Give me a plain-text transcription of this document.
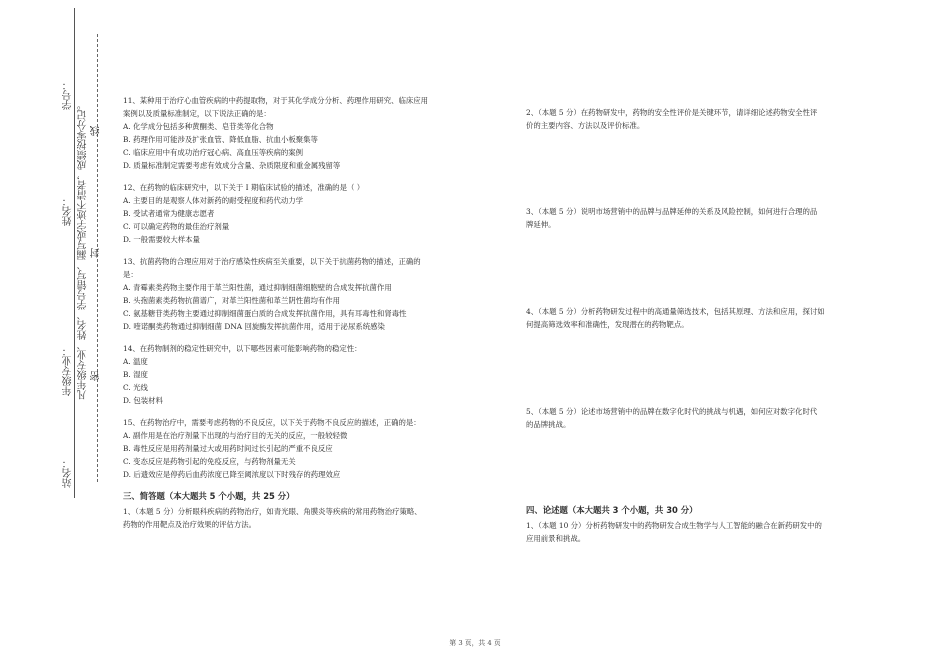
学号：
姓名：
年级专业：
站名：
凡年级专业、姓名、学号错写、漏写或字迹不清者，成绩按零分记。 线
封
密
11、某种用于治疗心血管疾病的中药提取物，对于其化学成分分析、药理作用研究、临床应用
案例以及质量标准制定，以下说法正确的是：
A. 化学成分包括多种黄酮类、皂苷类等化合物
B. 药理作用可能涉及扩张血管、降低血脂、抗血小板聚集等
C. 临床应用中有成功治疗冠心病、高血压等疾病的案例
D. 质量标准制定需要考虑有效成分含量、杂质限度和重金属残留等
12、在药物的临床研究中，以下关于 I 期临床试验的描述，准确的是（ ）
A. 主要目的是观察人体对新药的耐受程度和药代动力学
B. 受试者通常为健康志愿者
C. 可以确定药物的最佳治疗剂量
D. 一般需要较大样本量
13、抗菌药物的合理应用对于治疗感染性疾病至关重要，以下关于抗菌药物的描述，正确的
是：
A. 青霉素类药物主要作用于革兰阳性菌，通过抑制细菌细胞壁的合成发挥抗菌作用
B. 头孢菌素类药物抗菌谱广，对革兰阳性菌和革兰阴性菌均有作用
C. 氨基糖苷类药物主要通过抑制细菌蛋白质的合成发挥抗菌作用，具有耳毒性和肾毒性
D. 喹诺酮类药物通过抑制细菌 DNA 回旋酶发挥抗菌作用，适用于泌尿系统感染
14、在药物制剂的稳定性研究中，以下哪些因素可能影响药物的稳定性：
A. 温度
B. 湿度
C. 光线
D. 包装材料
15、在药物治疗中，需要考虑药物的不良反应，以下关于药物不良反应的描述，正确的是：
A. 副作用是在治疗剂量下出现的与治疗目的无关的反应，一般较轻微
B. 毒性反应是用药剂量过大或用药时间过长引起的严重不良反应
C. 变态反应是药物引起的免疫反应，与药物剂量无关
D. 后遗效应是停药后血药浓度已降至阈浓度以下时残存的药理效应
三、简答题（本大题共 5 个小题，共 25 分）
1、（本题 5 分）分析眼科疾病的药物治疗，如青光眼、角膜炎等疾病的常用药物治疗策略、
药物的作用靶点及治疗效果的评估方法。
2、（本题 5 分）在药物研发中，药物的安全性评价是关键环节，请详细论述药物安全性评
价的主要内容、方法以及评价标准。
3、（本题 5 分）说明市场营销中的品牌与品牌延伸的关系及风险控制，如何进行合理的品
牌延伸。
4、（本题 5 分）分析药物研发过程中的高通量筛选技术，包括其原理、方法和应用，探讨如
何提高筛选效率和准确性，发现潜在的药物靶点。
5、（本题 5 分）论述市场营销中的品牌在数字化时代的挑战与机遇，如何应对数字化时代
的品牌挑战。
四、论述题（本大题共 3 个小题，共 30 分）
1、（本题 10 分）分析药物研发中的药物研发合成生物学与人工智能的融合在新药研发中的
应用前景和挑战。
第 3 页，共 4 页
